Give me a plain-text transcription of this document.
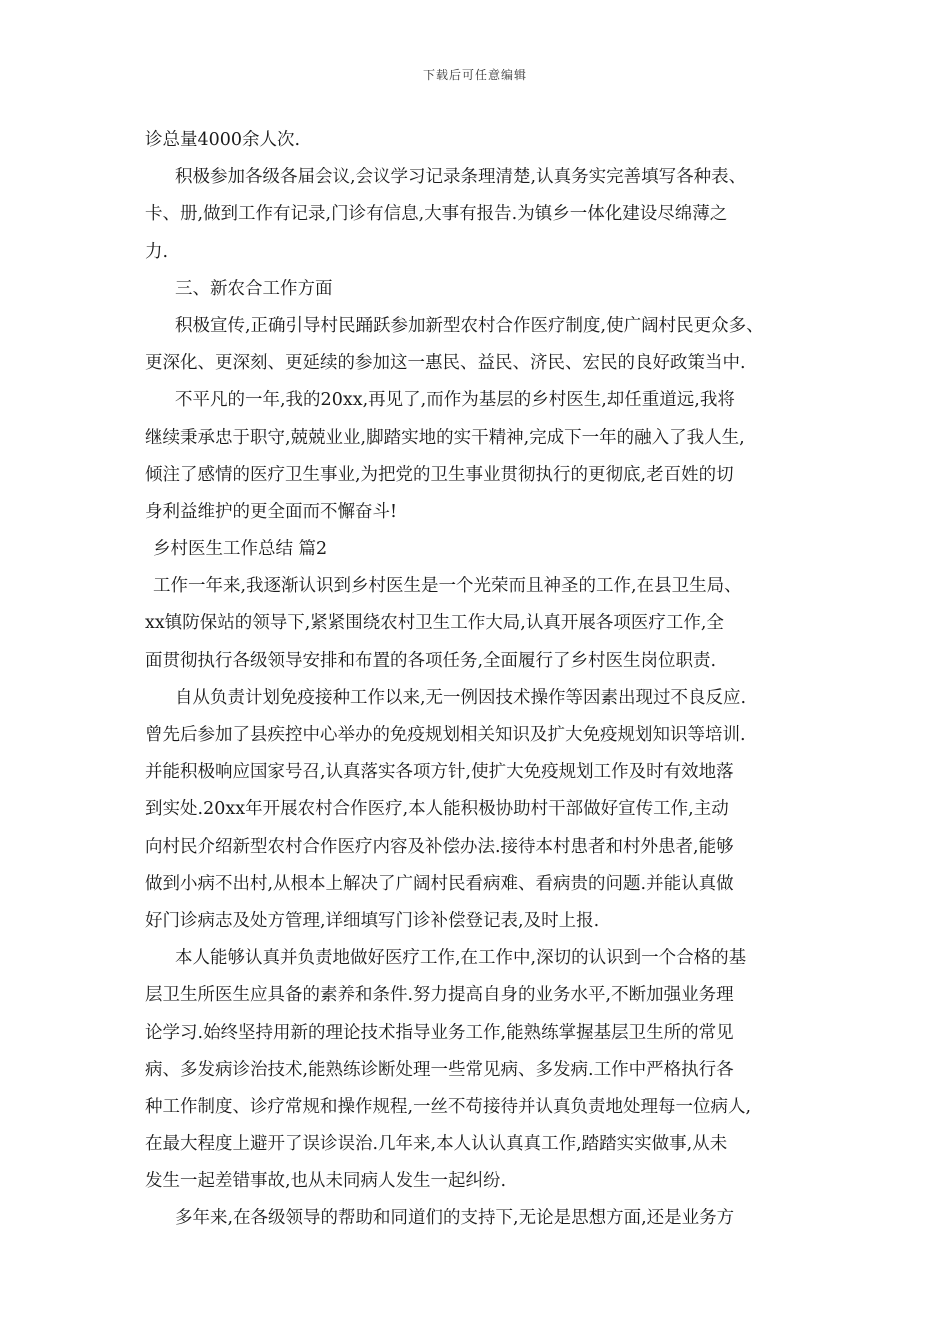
下载后可任意编辑
诊总量4000余人次.
积极参加各级各届会议,会议学习记录条理清楚,认真务实完善填写各种表、
卡、册,做到工作有记录,门诊有信息,大事有报告.为镇乡一体化建设尽绵薄之
力.
三、新农合工作方面
积极宣传,正确引导村民踊跃参加新型农村合作医疗制度,使广阔村民更众多、
更深化、更深刻、更延续的参加这一惠民、益民、济民、宏民的良好政策当中.
不平凡的一年,我的20xx,再见了,而作为基层的乡村医生,却任重道远,我将
继续秉承忠于职守,兢兢业业,脚踏实地的实干精神,完成下一年的融入了我人生,
倾注了感情的医疗卫生事业,为把党的卫生事业贯彻执行的更彻底,老百姓的切
身利益维护的更全面而不懈奋斗!
乡村医生工作总结 篇2
工作一年来,我逐渐认识到乡村医生是一个光荣而且神圣的工作,在县卫生局、
xx镇防保站的领导下,紧紧围绕农村卫生工作大局,认真开展各项医疗工作,全
面贯彻执行各级领导安排和布置的各项任务,全面履行了乡村医生岗位职责.
自从负责计划免疫接种工作以来,无一例因技术操作等因素出现过不良反应.
曾先后参加了县疾控中心举办的免疫规划相关知识及扩大免疫规划知识等培训.
并能积极响应国家号召,认真落实各项方针,使扩大免疫规划工作及时有效地落
到实处.20xx年开展农村合作医疗,本人能积极协助村干部做好宣传工作,主动
向村民介绍新型农村合作医疗内容及补偿办法.接待本村患者和村外患者,能够
做到小病不出村,从根本上解决了广阔村民看病难、看病贵的问题.并能认真做
好门诊病志及处方管理,详细填写门诊补偿登记表,及时上报.
本人能够认真并负责地做好医疗工作,在工作中,深切的认识到一个合格的基
层卫生所医生应具备的素养和条件.努力提高自身的业务水平,不断加强业务理
论学习.始终坚持用新的理论技术指导业务工作,能熟练掌握基层卫生所的常见
病、多发病诊治技术,能熟练诊断处理一些常见病、多发病.工作中严格执行各
种工作制度、诊疗常规和操作规程,一丝不苟接待并认真负责地处理每一位病人,
在最大程度上避开了误诊误治.几年来,本人认认真真工作,踏踏实实做事,从未
发生一起差错事故,也从未同病人发生一起纠纷.
多年来,在各级领导的帮助和同道们的支持下,无论是思想方面,还是业务方
